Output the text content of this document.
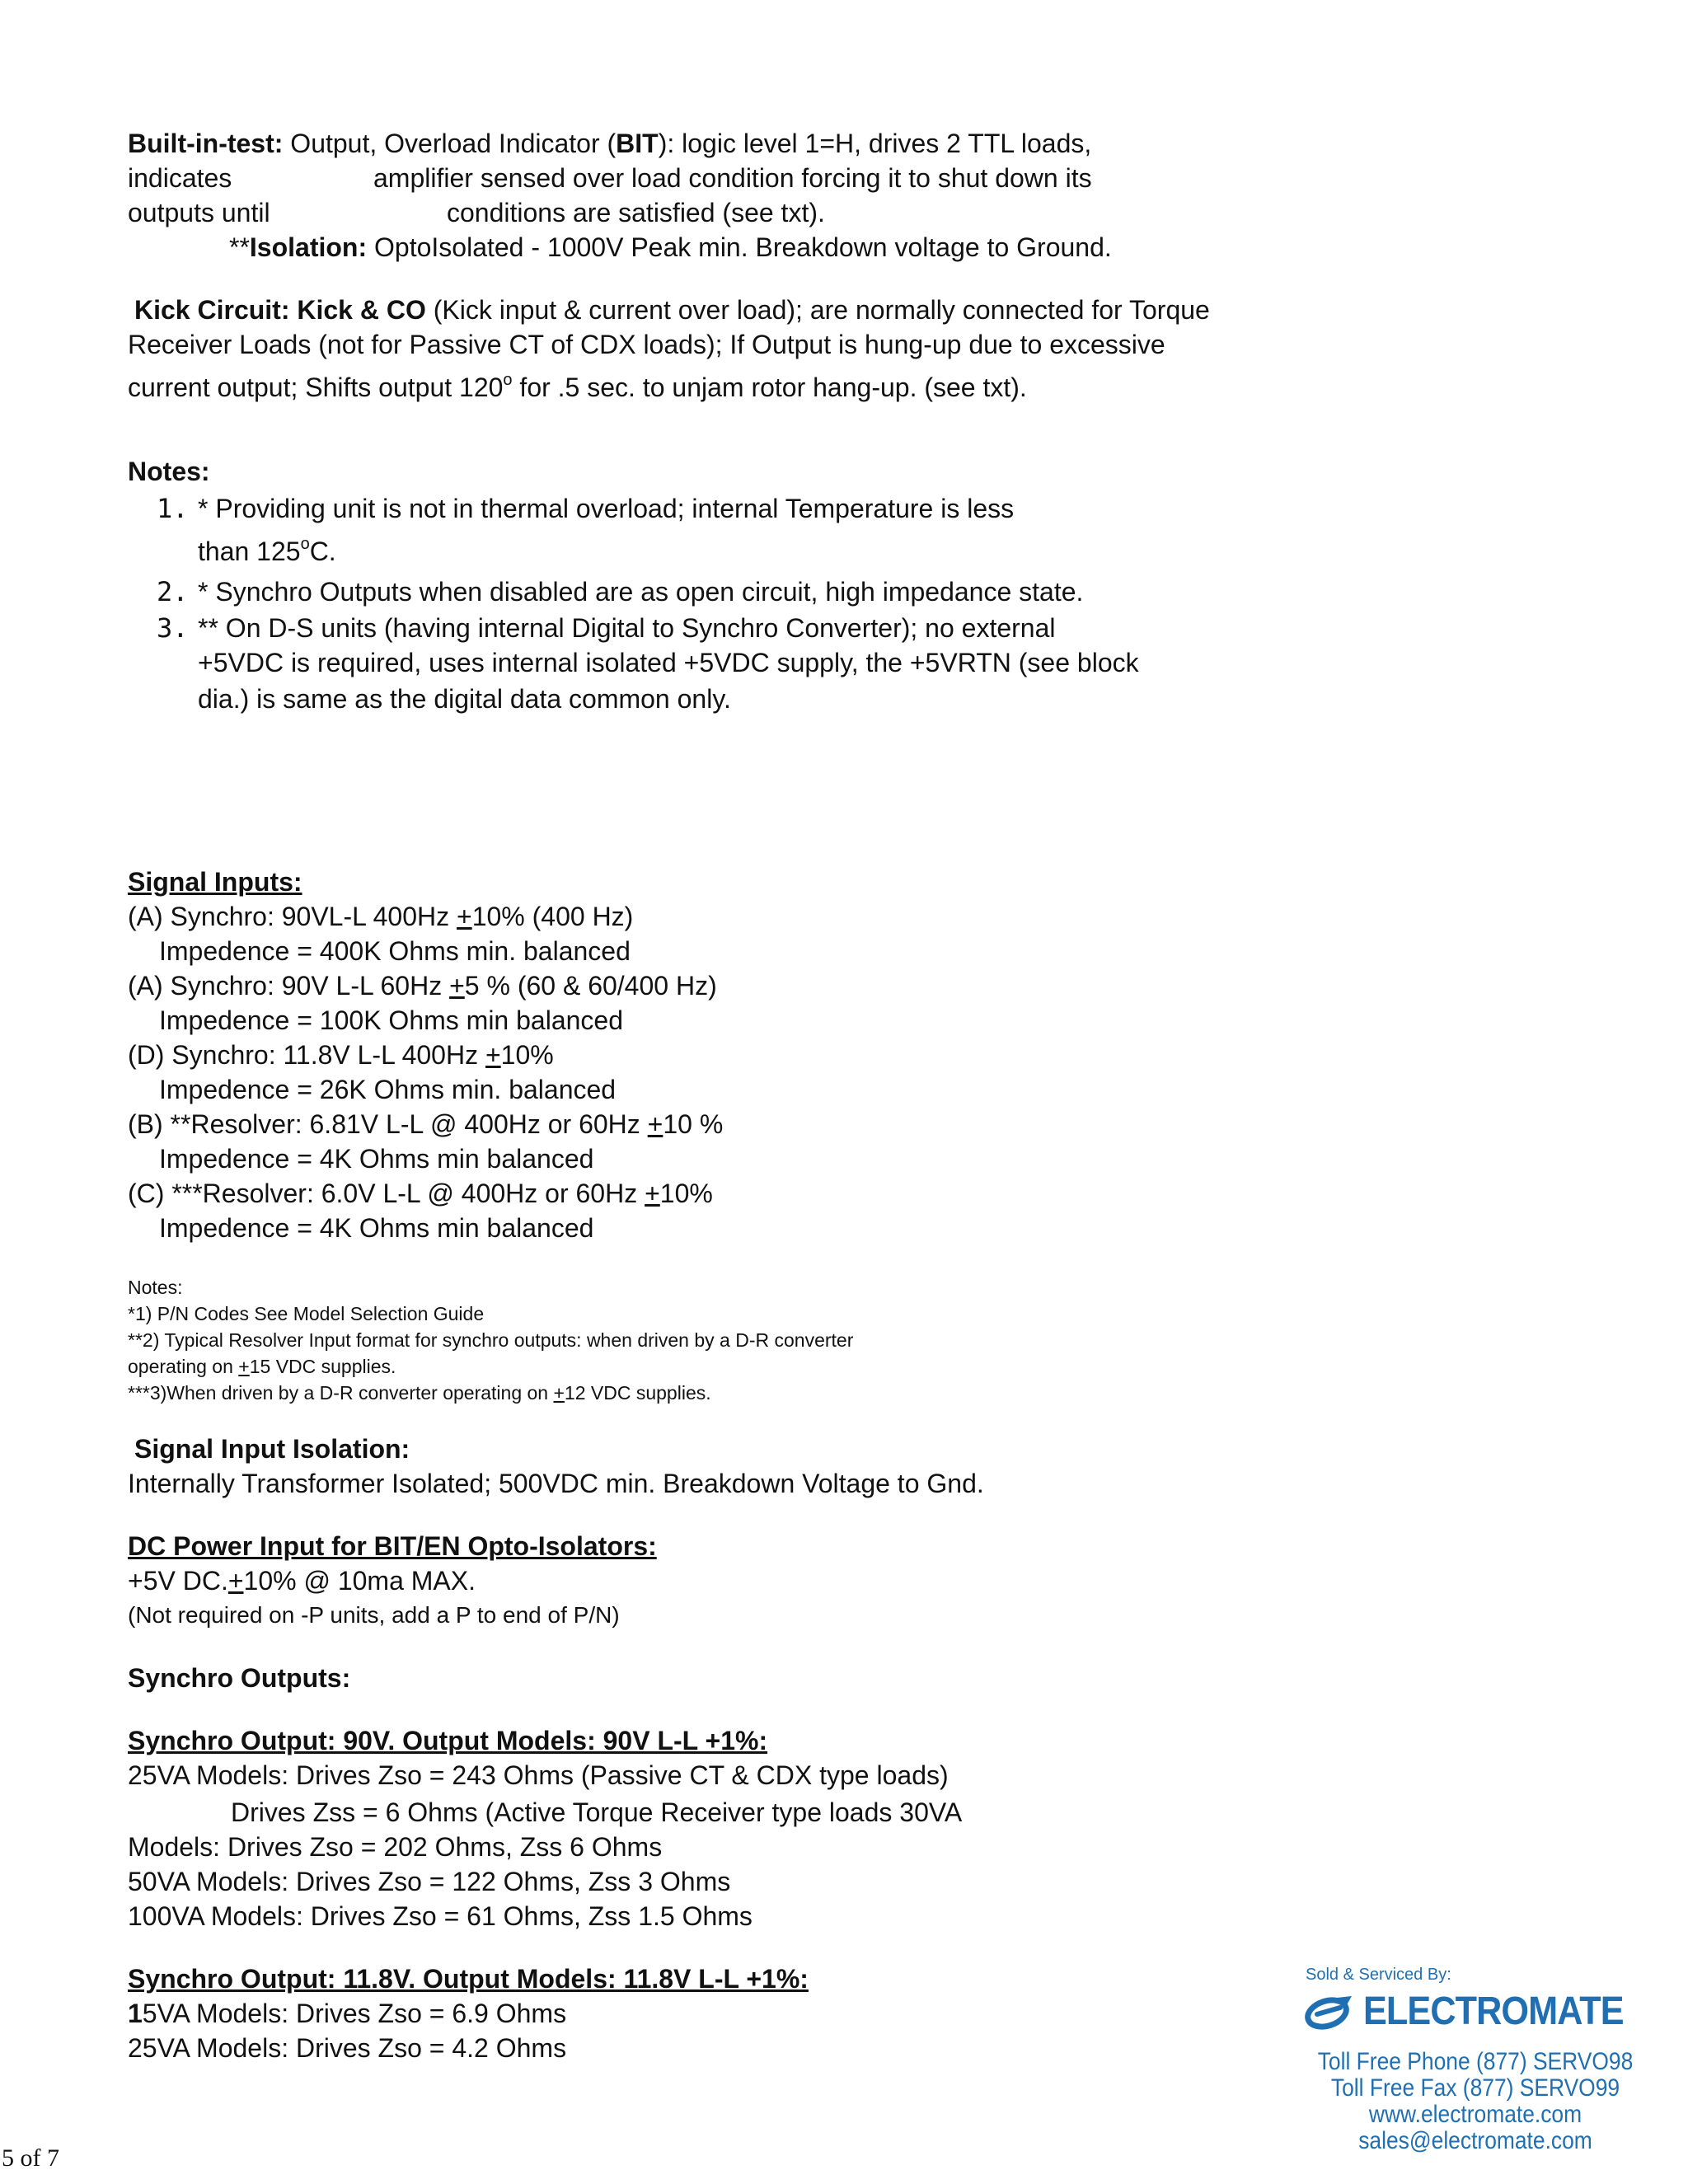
Built-in-test: Output, Overload Indicator (BIT): logic level 1=H, drives 2 TTL loads,
indicates	amplifier sensed over load condition forcing it to shut down its
outputs until	conditions are satisfied (see txt).
**Isolation: OptoIsolated - 1000V Peak min. Breakdown voltage to Ground.
Kick Circuit: Kick & CO (Kick input & current over load); are normally connected for Torque
Receiver Loads (not for Passive CT of CDX loads); If Output is hung-up due to excessive
current output; Shifts output 120$^o$ for .5 sec. to unjam rotor hang-up. (see txt).
Notes:
1. * Providing unit is not in thermal overload; internal Temperature is less
than 125$^o$C.
2. * Synchro Outputs when disabled are as open circuit, high impedance state.
3. ** On D-S units (having internal Digital to Synchro Converter); no external
+5VDC is required, uses internal isolated +5VDC supply, the +5VRTN (see block
dia.) is same as the digital data common only.
Signal Inputs:
(A) Synchro: 90VL-L 400Hz +10% (400 Hz)
Impedence = 400K Ohms min. balanced
(A) Synchro: 90V L-L 60Hz +5 % (60 & 60/400 Hz)
Impedence = 100K Ohms min balanced
(D) Synchro: 11.8V L-L 400Hz +10%
Impedence = 26K Ohms min. balanced
(B) **Resolver: 6.81V L-L @ 400Hz or 60Hz +10 %
Impedence = 4K Ohms min balanced
(C) ***Resolver: 6.0V L-L @ 400Hz or 60Hz +10%
Impedence = 4K Ohms min balanced
Notes:
*1) P/N Codes See Model Selection Guide
**2) Typical Resolver Input format for synchro outputs: when driven by a D-R converter
operating on +15 VDC supplies.
***3)When driven by a D-R converter operating on +12 VDC supplies.
Signal Input Isolation:
Internally Transformer Isolated; 500VDC min. Breakdown Voltage to Gnd.
DC Power Input for BIT/EN Opto-Isolators:
+5V DC.+10% @ 10ma MAX.
(Not required on -P units, add a P to end of P/N)
Synchro Outputs:
Synchro Output: 90V. Output Models: 90V L-L +1%:
25VA Models: Drives Zso = 243 Ohms (Passive CT & CDX type loads)
Drives Zss = 6 Ohms (Active Torque Receiver type loads 30VA
Models: Drives Zso = 202 Ohms, Zss 6 Ohms
50VA Models: Drives Zso = 122 Ohms, Zss 3 Ohms
100VA Models: Drives Zso = 61 Ohms, Zss 1.5 Ohms
Synchro Output: 11.8V. Output Models: 11.8V L-L +1%:
15VA Models: Drives Zso = 6.9 Ohms
25VA Models: Drives Zso = 4.2 Ohms
5 of 7
Sold & Serviced By:
ELECTROMATE
Toll Free Phone (877) SERVO98
Toll Free Fax (877) SERVO99
www.electromate.com
sales@electromate.com
